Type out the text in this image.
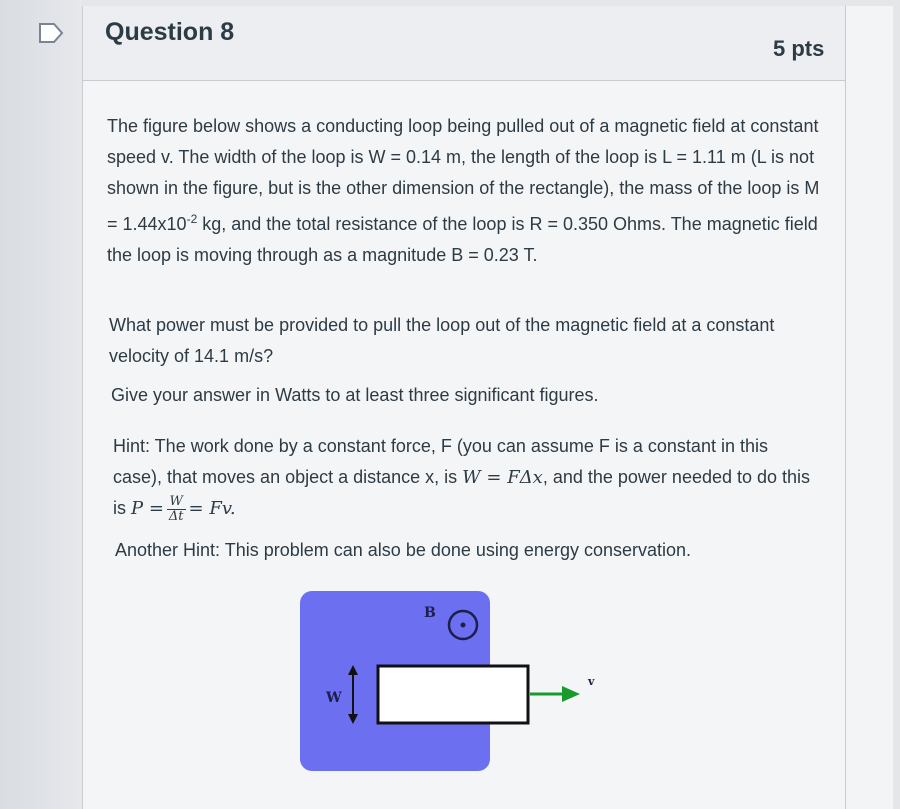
Question 8
5 pts
The figure below shows a conducting loop being pulled out of a magnetic field at constant speed v. The width of the loop is W = 0.14 m, the length of the loop is L = 1.11 m (L is not shown in the figure, but is the other dimension of the rectangle), the mass of the loop is $M = 1.44x10^{-2}$ kg, and the total resistance of the loop is R = 0.350 Ohms. The magnetic field the loop is moving through as a magnitude B = 0.23 T.
What power must be provided to pull the loop out of the magnetic field at a constant velocity of 14.1 m/s?
Give your answer in Watts to at least three significant figures.
Hint: The work done by a constant force, F (you can assume F is a constant in this case), that moves an object a distance x, is W = FΔx, and the power needed to do this is $P = \frac{W}{\Delta t} = Fv$.
Another Hint: This problem can also be done using energy conservation.
B
W
v
